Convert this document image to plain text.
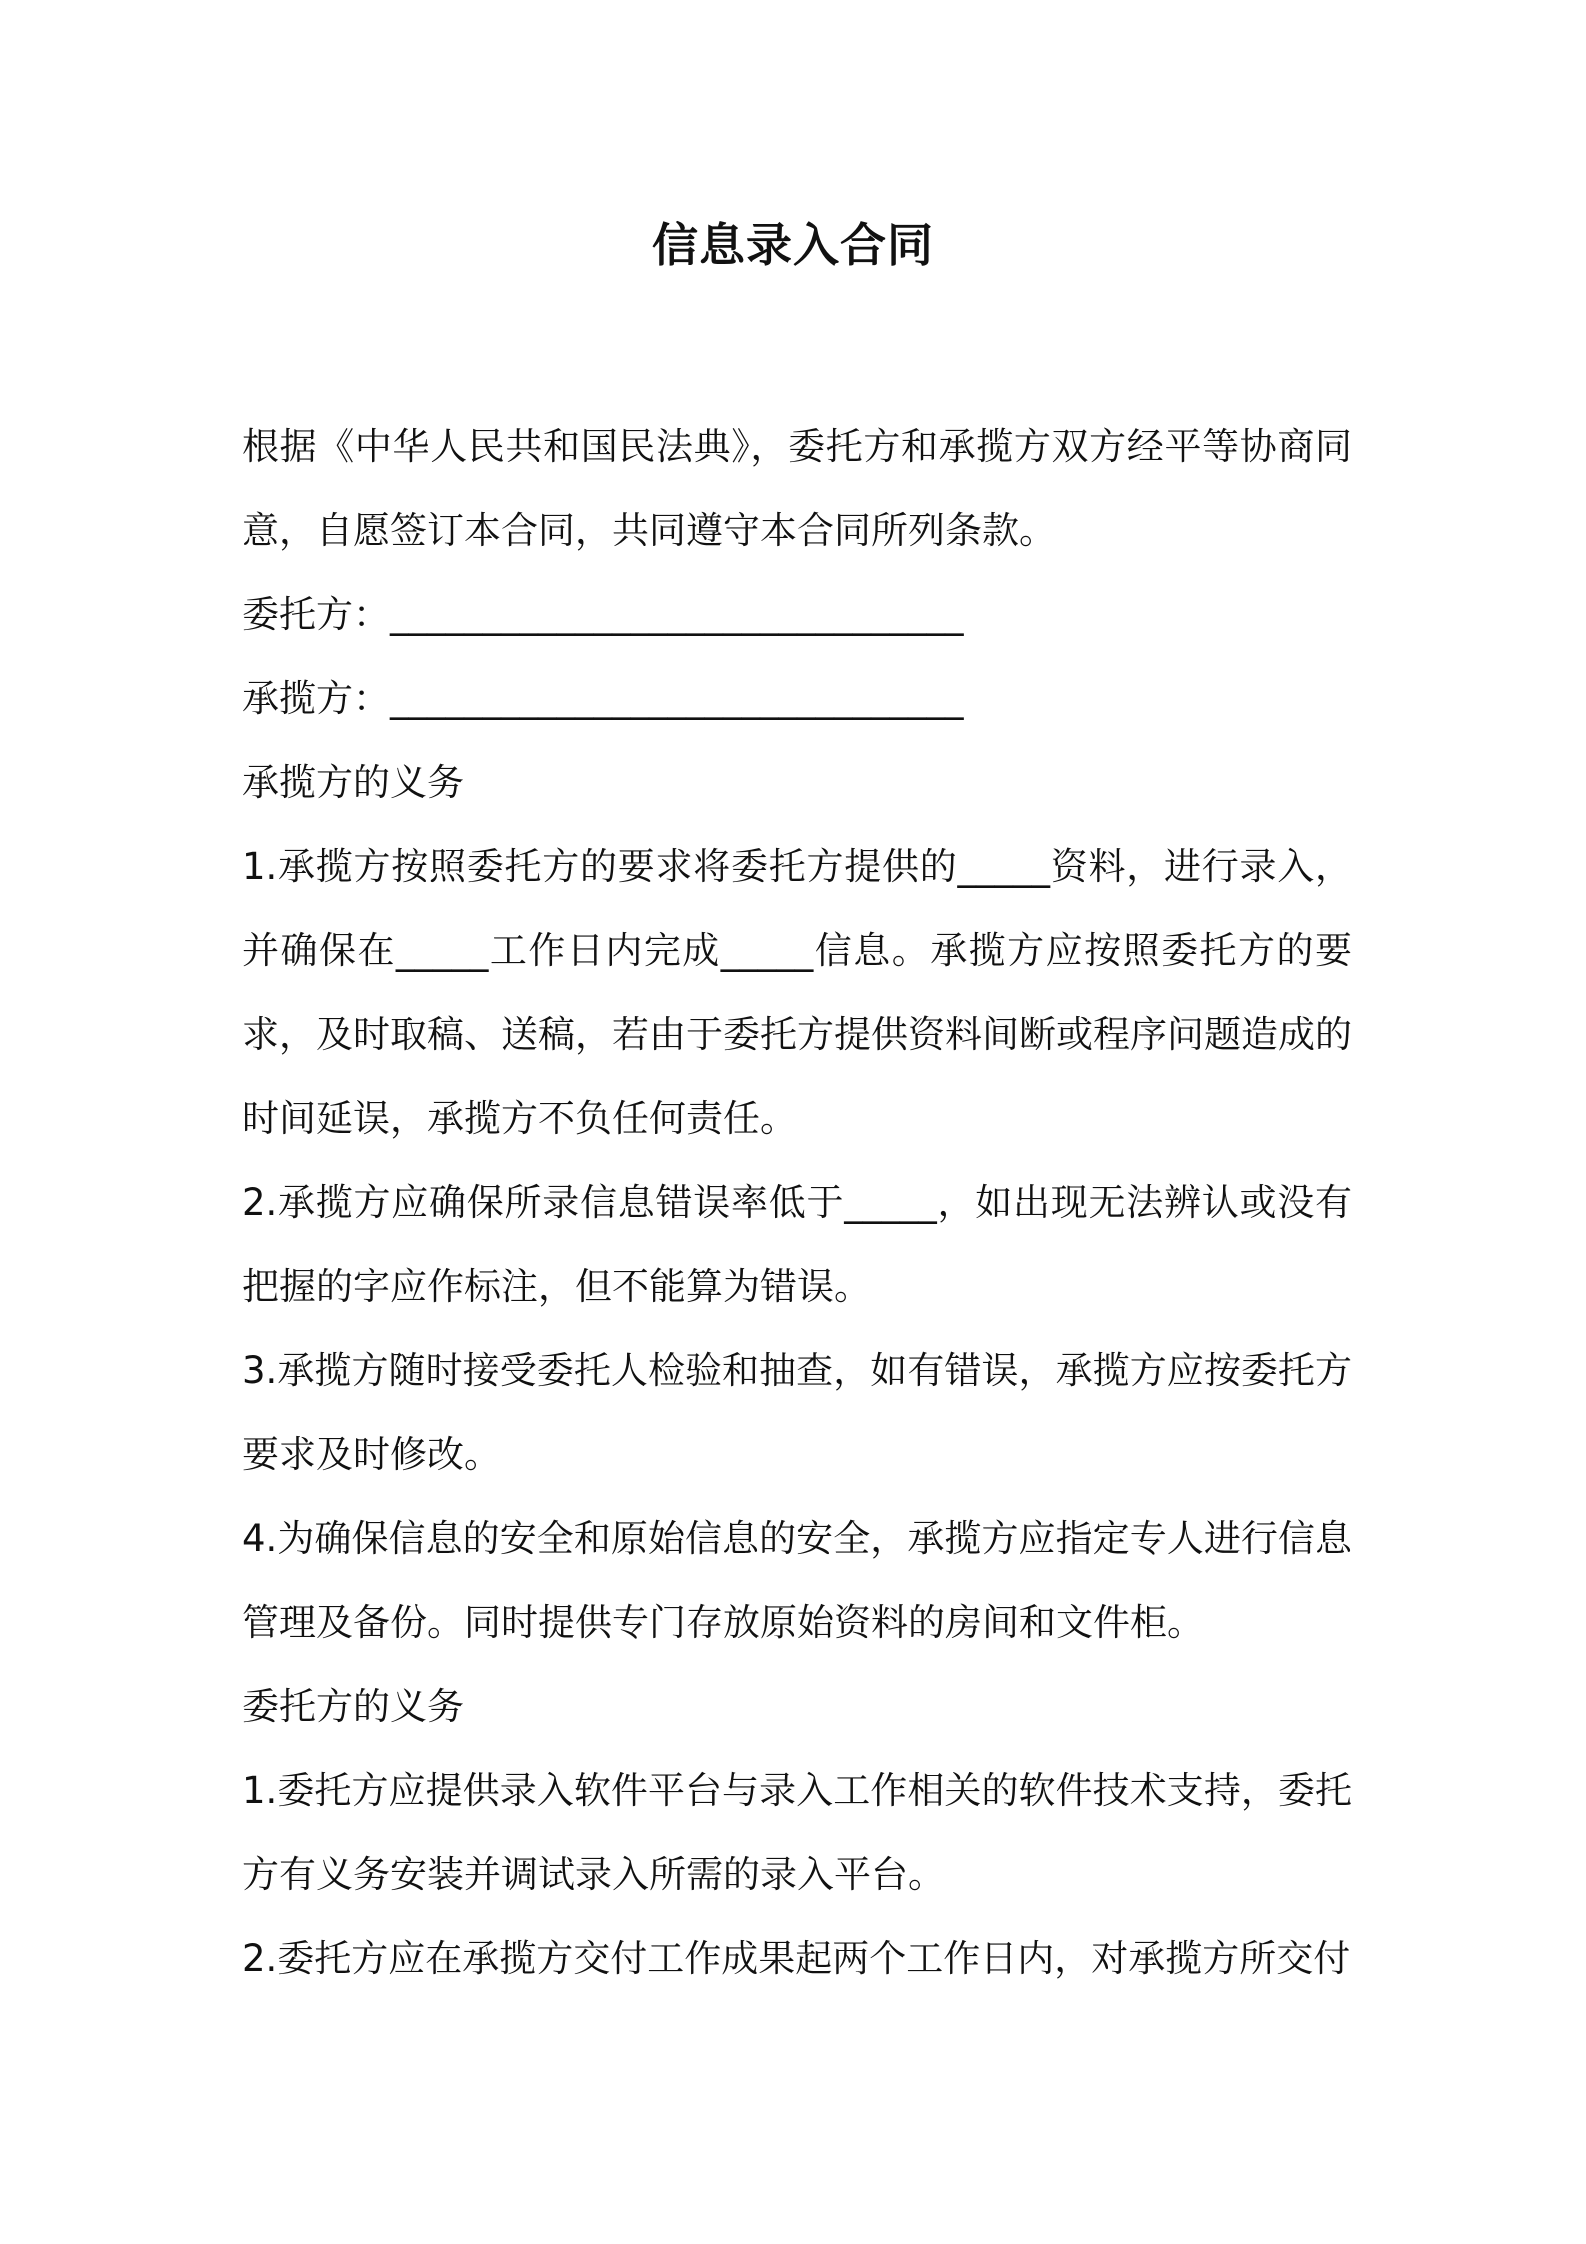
信息录入合同

根据《中华人民共和国民法典》，委托方和承揽方双方经平等协商同意，自愿签订本合同，共同遵守本合同所列条款。

委托方：_______________________________

承揽方：_______________________________

承揽方的义务

1.承揽方按照委托方的要求将委托方提供的_____资料，进行录入，并确保在_____工作日内完成_____信息。承揽方应按照委托方的要求，及时取稿、送稿，若由于委托方提供资料间断或程序问题造成的时间延误，承揽方不负任何责任。

2.承揽方应确保所录信息错误率低于_____，如出现无法辨认或没有把握的字应作标注，但不能算为错误。

3.承揽方随时接受委托人检验和抽查，如有错误，承揽方应按委托方要求及时修改。

4.为确保信息的安全和原始信息的安全，承揽方应指定专人进行信息管理及备份。同时提供专门存放原始资料的房间和文件柜。

委托方的义务

1.委托方应提供录入软件平台与录入工作相关的软件技术支持，委托方有义务安装并调试录入所需的录入平台。

2.委托方应在承揽方交付工作成果起两个工作日内，对承揽方所交付
